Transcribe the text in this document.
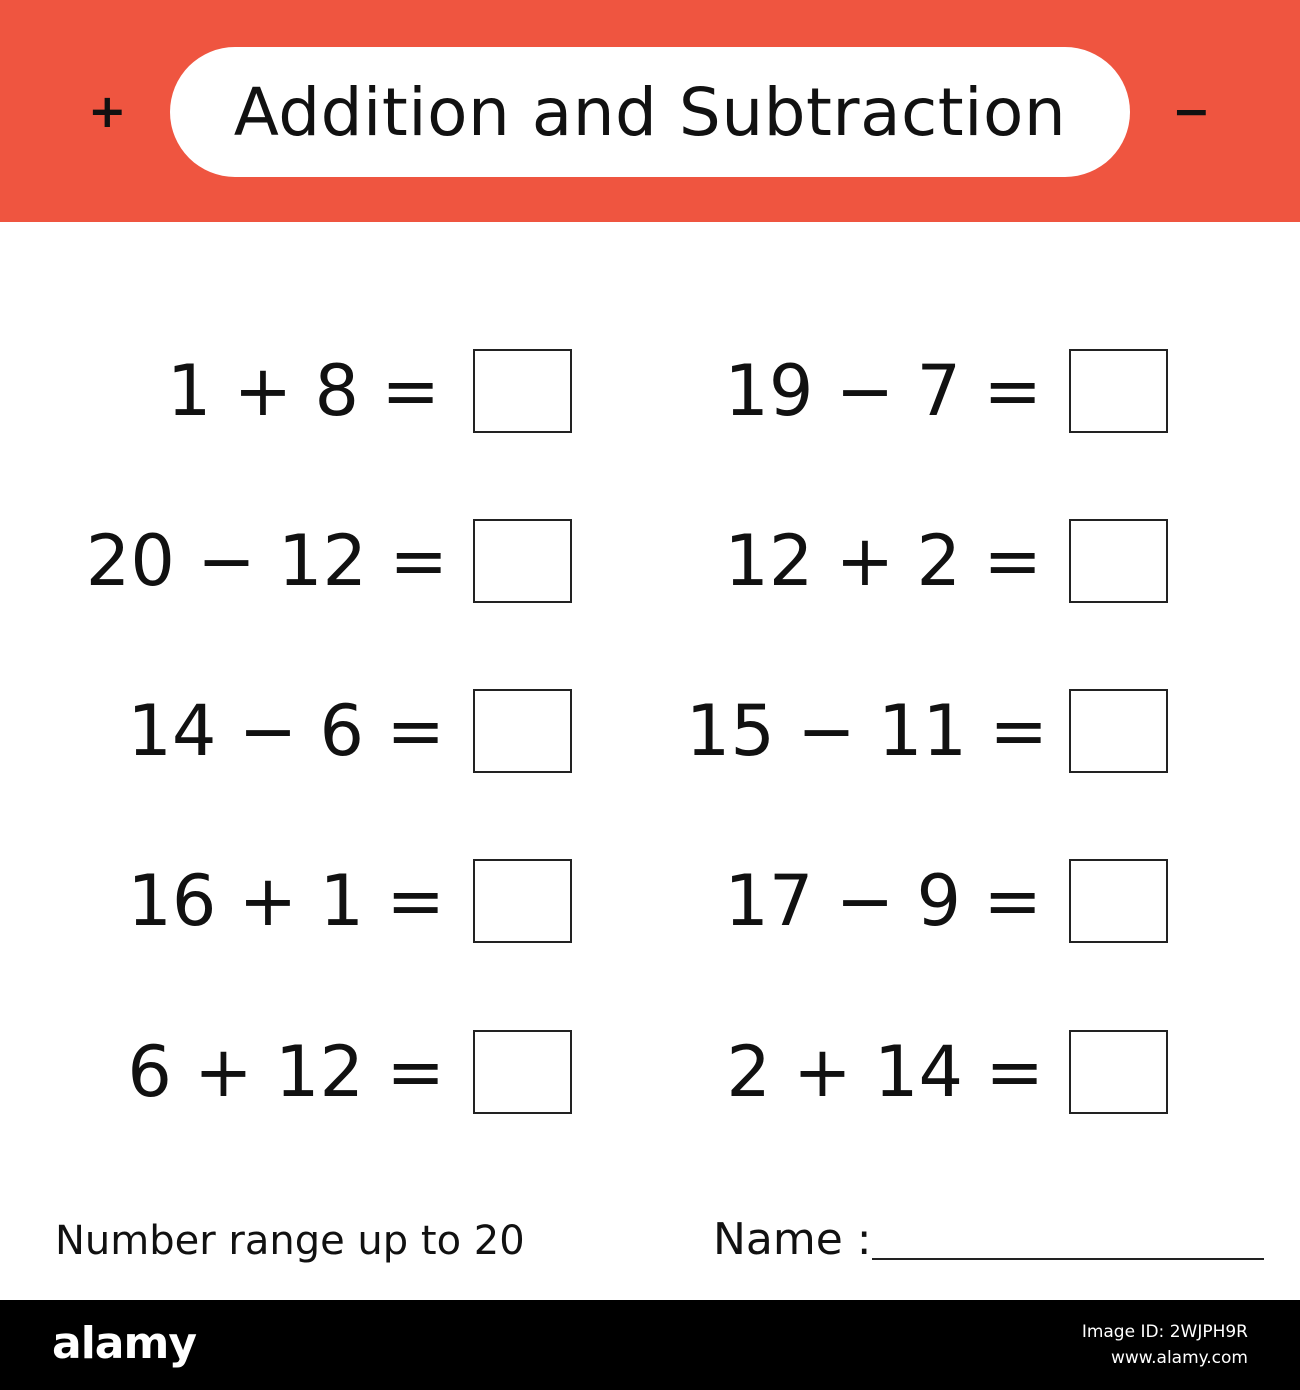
+ Addition and Subtraction −
1 + 8 =
20 − 12 =
14 − 6 =
16 + 1 =
6 + 12 =
19 − 7 =
12 + 2 =
15 − 11 =
17 − 9 =
2 + 14 =
Number range up to 20	Name :
alamy	Image ID: 2WJPH9R
www.alamy.com
